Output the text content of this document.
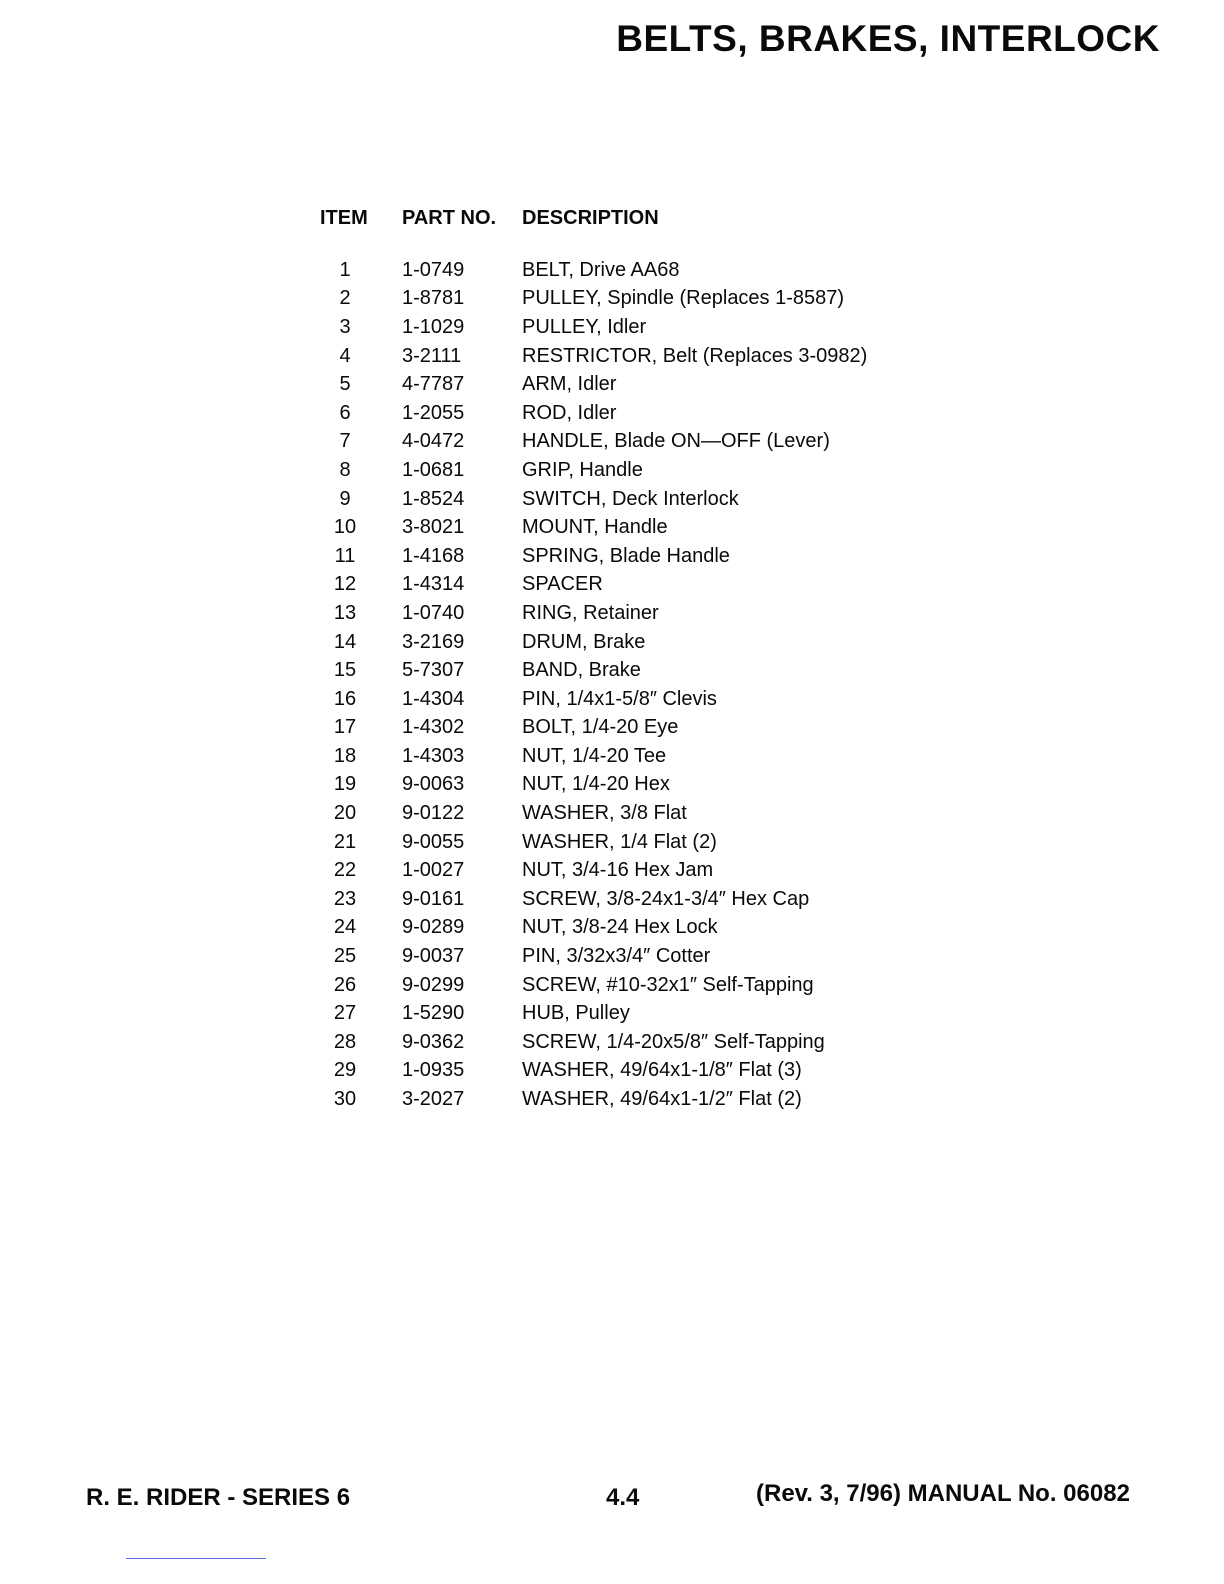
BELTS, BRAKES, INTERLOCK
ITEM	PART NO.	DESCRIPTION
1	1-0749	BELT, Drive AA68
2	1-8781	PULLEY, Spindle (Replaces 1-8587)
3	1-1029	PULLEY, Idler
4	3-2111	RESTRICTOR, Belt (Replaces 3-0982)
5	4-7787	ARM, Idler
6	1-2055	ROD, Idler
7	4-0472	HANDLE, Blade ON—OFF (Lever)
8	1-0681	GRIP, Handle
9	1-8524	SWITCH, Deck Interlock
10	3-8021	MOUNT, Handle
11	1-4168	SPRING, Blade Handle
12	1-4314	SPACER
13	1-0740	RING, Retainer
14	3-2169	DRUM, Brake
15	5-7307	BAND, Brake
16	1-4304	PIN, 1/4x1-5/8″ Clevis
17	1-4302	BOLT, 1/4-20 Eye
18	1-4303	NUT, 1/4-20 Tee
19	9-0063	NUT, 1/4-20 Hex
20	9-0122	WASHER, 3/8 Flat
21	9-0055	WASHER, 1/4 Flat (2)
22	1-0027	NUT, 3/4-16 Hex Jam
23	9-0161	SCREW, 3/8-24x1-3/4″ Hex Cap
24	9-0289	NUT, 3/8-24 Hex Lock
25	9-0037	PIN, 3/32x3/4″ Cotter
26	9-0299	SCREW, #10-32x1″ Self-Tapping
27	1-5290	HUB, Pulley
28	9-0362	SCREW, 1/4-20x5/8″ Self-Tapping
29	1-0935	WASHER, 49/64x1-1/8″ Flat (3)
30	3-2027	WASHER, 49/64x1-1/2″ Flat (2)
R. E. RIDER - SERIES 6	4.4	(Rev. 3, 7/96) MANUAL No. 06082
